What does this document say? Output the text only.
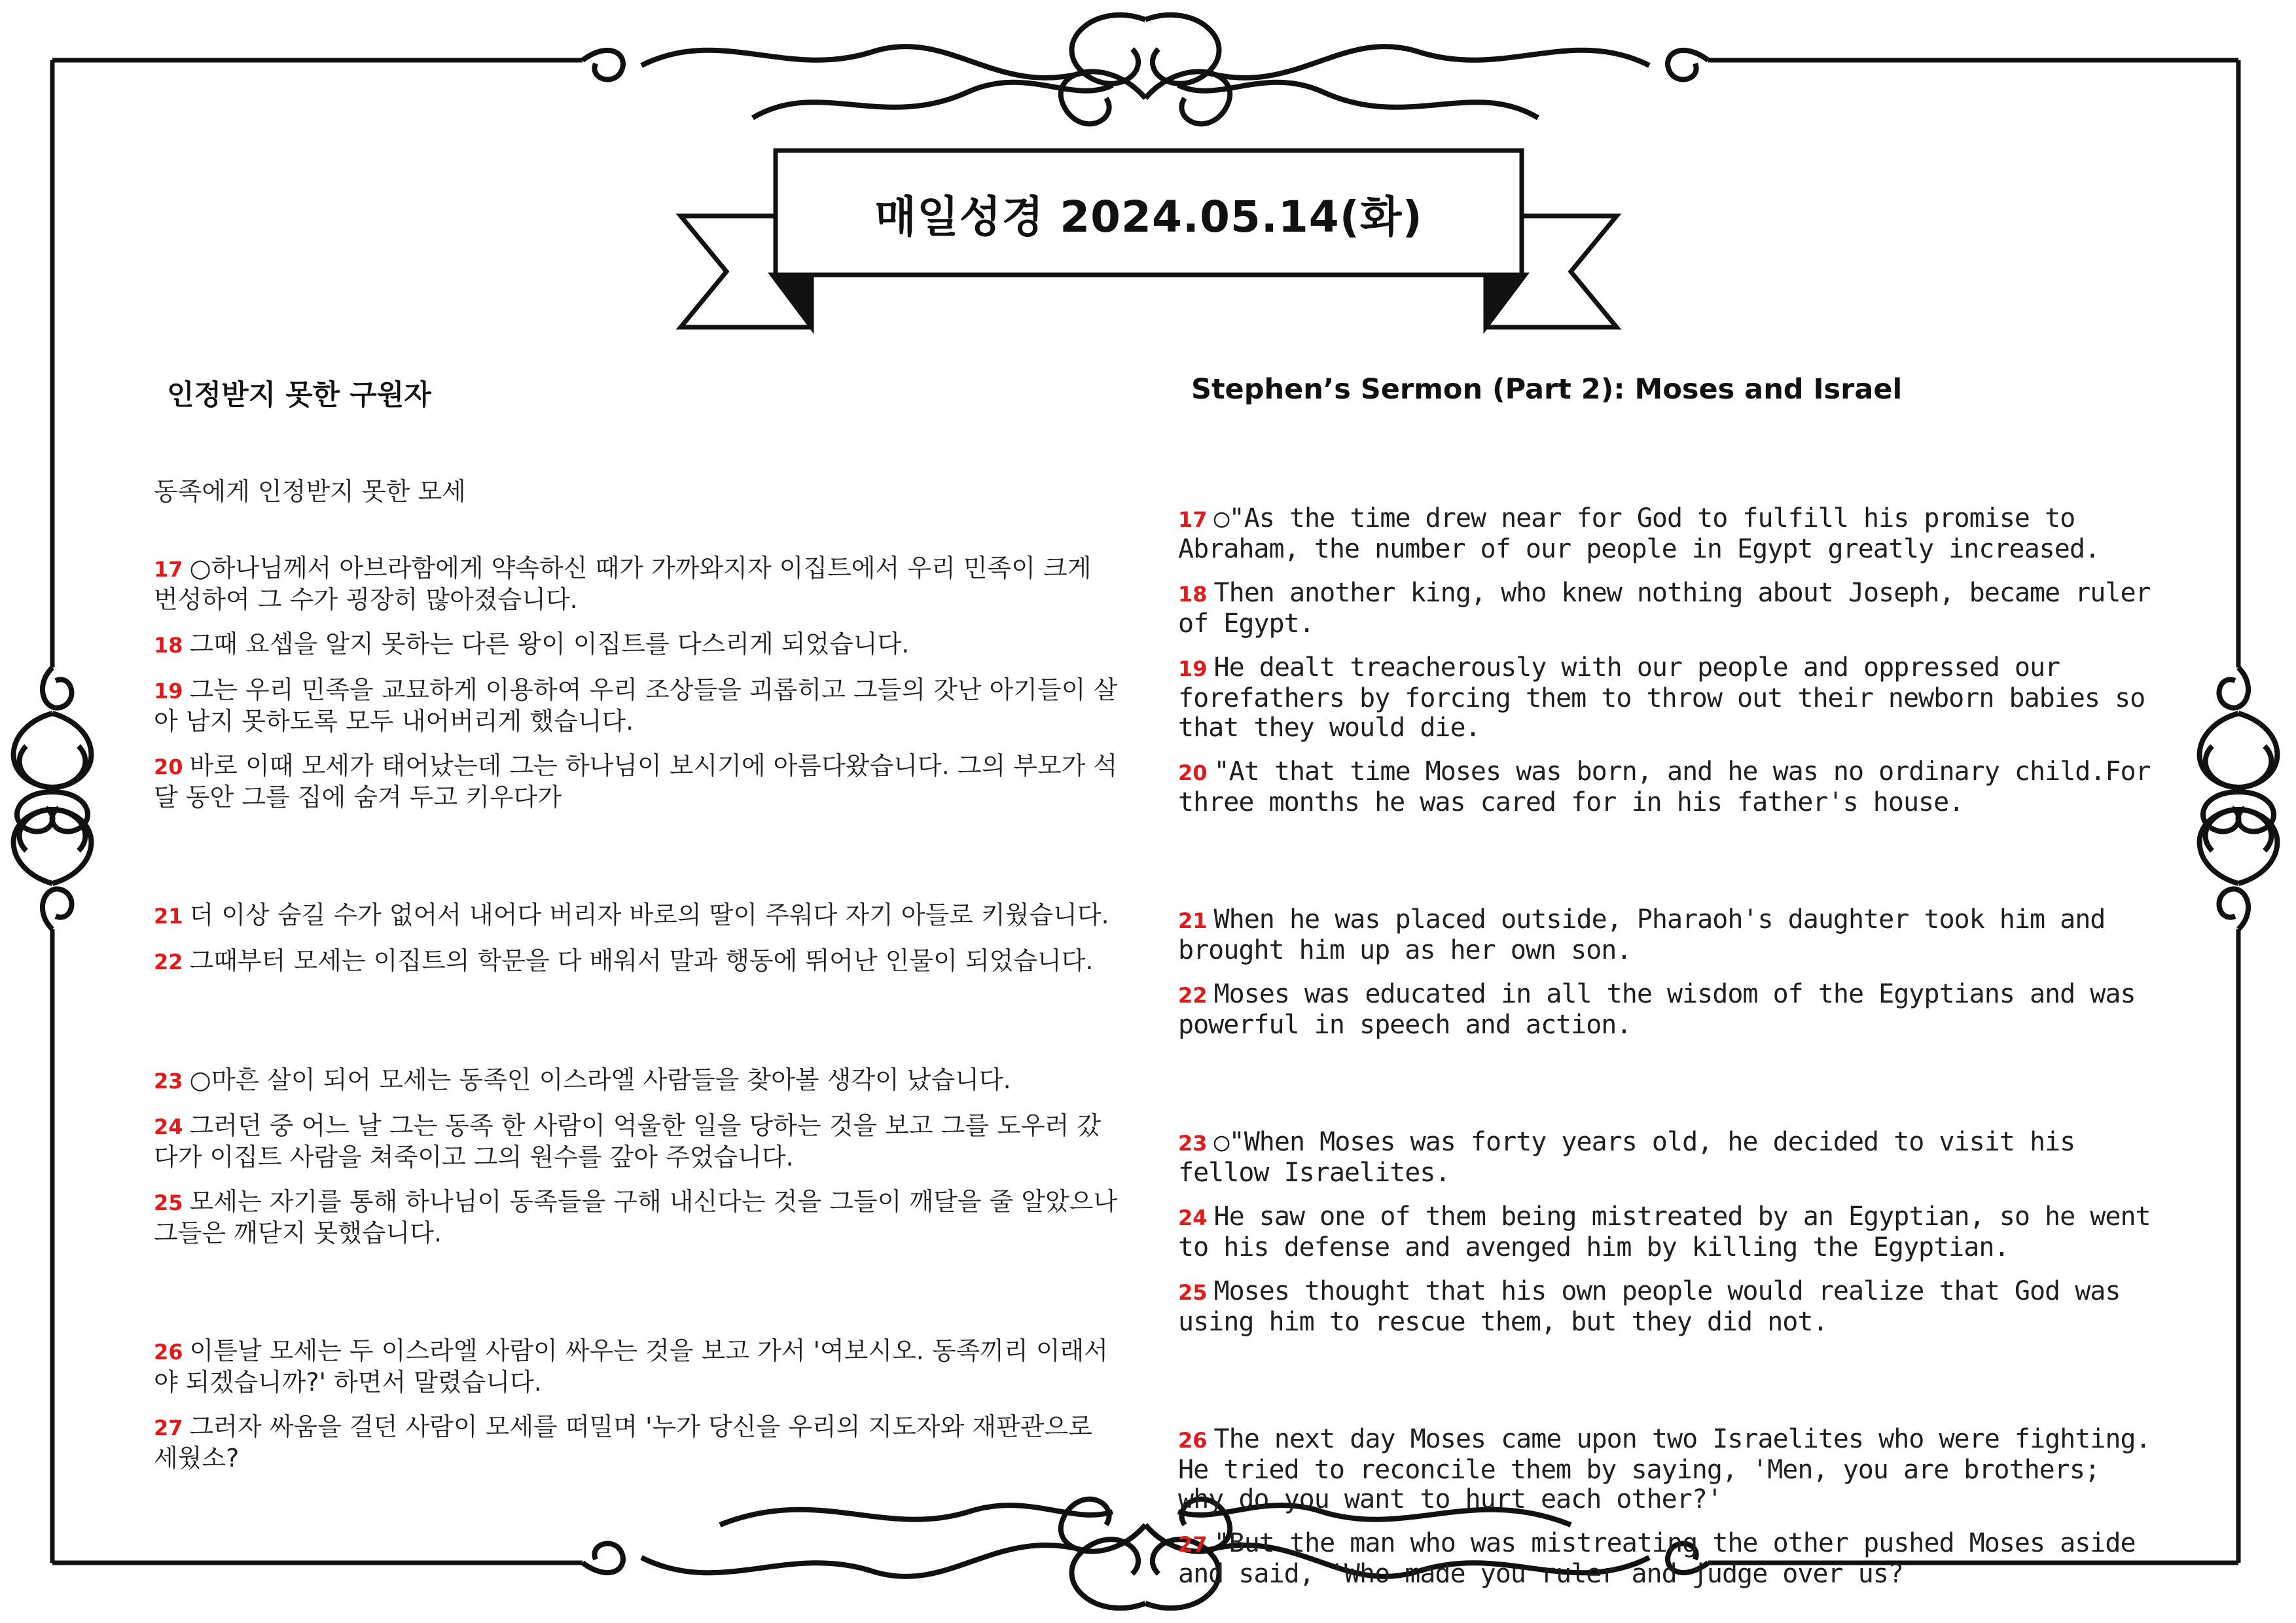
매일성경 2024.05.14(화)
인정받지 못한 구원자
동족에게 인정받지 못한 모세
17 ○하나님께서 아브라함에게 약속하신 때가 가까와지자 이집트에서 우리 민족이 크게 번성하여 그 수가 굉장히 많아졌습니다.
18 그때 요셉을 알지 못하는 다른 왕이 이집트를 다스리게 되었습니다.
19 그는 우리 민족을 교묘하게 이용하여 우리 조상들을 괴롭히고 그들의 갓난 아기들이 살아 남지 못하도록 모두 내어버리게 했습니다.
20 바로 이때 모세가 태어났는데 그는 하나님이 보시기에 아름다왔습니다. 그의 부모가 석 달 동안 그를 집에 숨겨 두고 키우다가
21 더 이상 숨길 수가 없어서 내어다 버리자 바로의 딸이 주워다 자기 아들로 키웠습니다.
22 그때부터 모세는 이집트의 학문을 다 배워서 말과 행동에 뛰어난 인물이 되었습니다.
23 ○마흔 살이 되어 모세는 동족인 이스라엘 사람들을 찾아볼 생각이 났습니다.
24 그러던 중 어느 날 그는 동족 한 사람이 억울한 일을 당하는 것을 보고 그를 도우러 갔다가 이집트 사람을 쳐죽이고 그의 원수를 갚아 주었습니다.
25 모세는 자기를 통해 하나님이 동족들을 구해 내신다는 것을 그들이 깨달을 줄 알았으나 그들은 깨닫지 못했습니다.
26 이튿날 모세는 두 이스라엘 사람이 싸우는 것을 보고 가서 '여보시오. 동족끼리 이래서야 되겠습니까?' 하면서 말렸습니다.
27 그러자 싸움을 걸던 사람이 모세를 떠밀며 '누가 당신을 우리의 지도자와 재판관으로 세웠소?
Stephen’s Sermon (Part 2): Moses and Israel
17 ○"As the time drew near for God to fulfill his promise to Abraham, the number of our people in Egypt greatly increased.
18 Then another king, who knew nothing about Joseph, became ruler of Egypt.
19 He dealt treacherously with our people and oppressed our forefathers by forcing them to throw out their newborn babies so that they would die.
20 "At that time Moses was born, and he was no ordinary child.For three months he was cared for in his father's house.
21 When he was placed outside, Pharaoh's daughter took him and brought him up as her own son.
22 Moses was educated in all the wisdom of the Egyptians and was powerful in speech and action.
23 ○"When Moses was forty years old, he decided to visit his fellow Israelites.
24 He saw one of them being mistreated by an Egyptian, so he went to his defense and avenged him by killing the Egyptian.
25 Moses thought that his own people would realize that God was using him to rescue them, but they did not.
26 The next day Moses came upon two Israelites who were fighting. He tried to reconcile them by saying, 'Men, you are brothers; why do you want to hurt each other?'
27 "But the man who was mistreating the other pushed Moses aside and said, 'Who made you ruler and judge over us?
